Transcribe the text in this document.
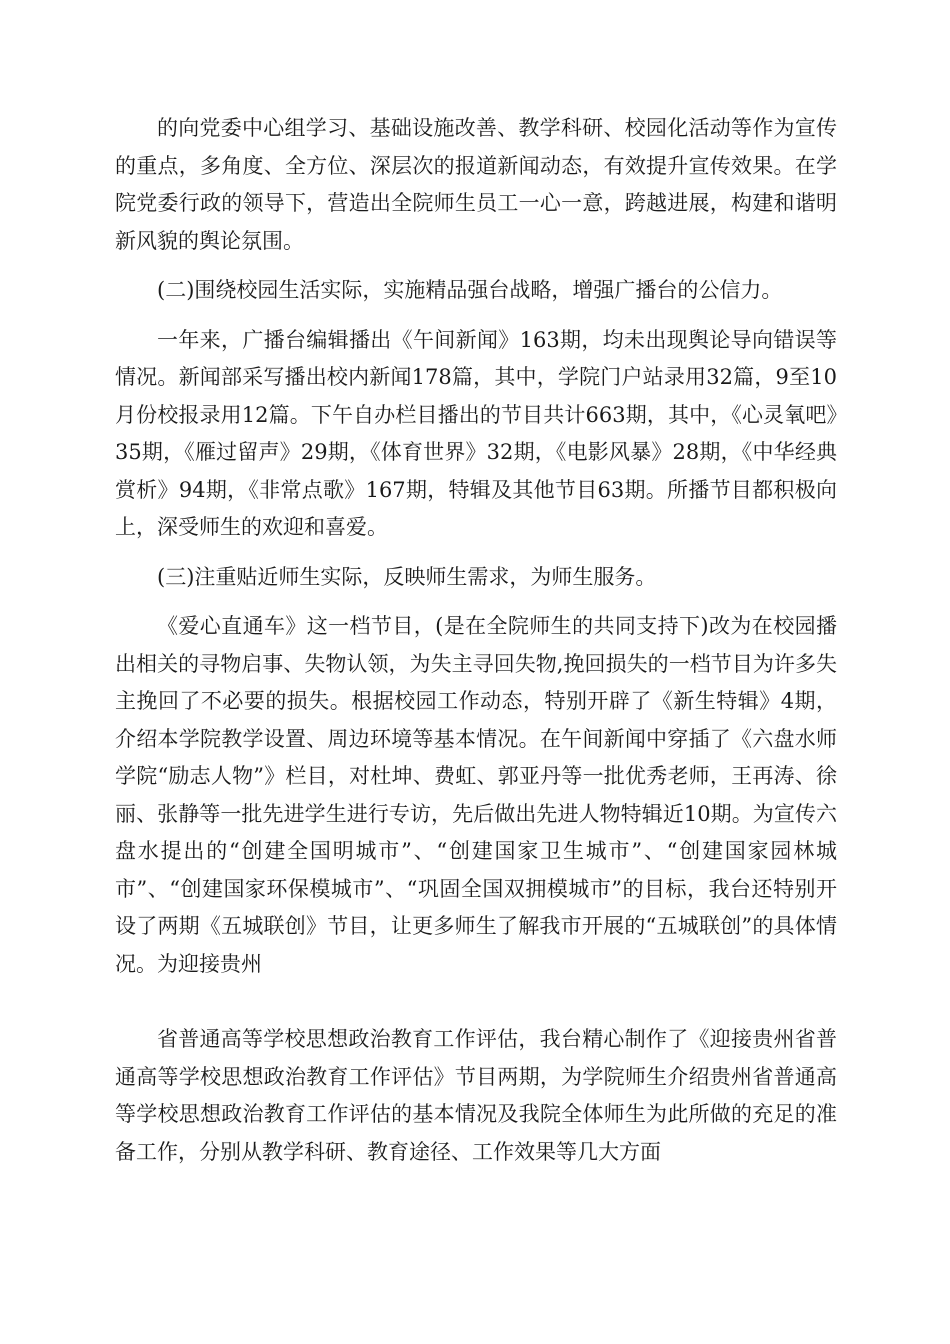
的向党委中心组学习、基础设施改善、教学科研、校园化活动等作为宣传的重点，多角度、全方位、深层次的报道新闻动态，有效提升宣传效果。在学院党委行政的领导下，营造出全院师生员工一心一意，跨越进展，构建和谐明新风貌的舆论氛围。

(二)围绕校园生活实际，实施精品强台战略，增强广播台的公信力。

一年来，广播台编辑播出《午间新闻》163期，均未出现舆论导向错误等情况。新闻部采写播出校内新闻178篇，其中，学院门户站录用32篇，9至10月份校报录用12篇。下午自办栏目播出的节目共计663期，其中，《心灵氧吧》35期，《雁过留声》29期，《体育世界》32期，《电影风暴》28期，《中华经典赏析》94期，《非常点歌》167期，特辑及其他节目63期。所播节目都积极向上，深受师生的欢迎和喜爱。

(三)注重贴近师生实际，反映师生需求，为师生服务。

《爱心直通车》这一档节目，(是在全院师生的共同支持下)改为在校园播出相关的寻物启事、失物认领，为失主寻回失物,挽回损失的一档节目为许多失主挽回了不必要的损失。根据校园工作动态，特别开辟了《新生特辑》4期，介绍本学院教学设置、周边环境等基本情况。在午间新闻中穿插了《六盘水师学院“励志人物”》栏目，对杜坤、费虹、郭亚丹等一批优秀老师，王再涛、徐丽、张静等一批先进学生进行专访，先后做出先进人物特辑近10期。为宣传六盘水提出的“创建全国明城市”、“创建国家卫生城市”、“创建国家园林城市”、“创建国家环保模城市”、“巩固全国双拥模城市”的目标，我台还特别开设了两期《五城联创》节目，让更多师生了解我市开展的“五城联创”的具体情况。为迎接贵州

省普通高等学校思想政治教育工作评估，我台精心制作了《迎接贵州省普通高等学校思想政治教育工作评估》节目两期，为学院师生介绍贵州省普通高等学校思想政治教育工作评估的基本情况及我院全体师生为此所做的充足的准备工作，分别从教学科研、教育途径、工作效果等几大方面
